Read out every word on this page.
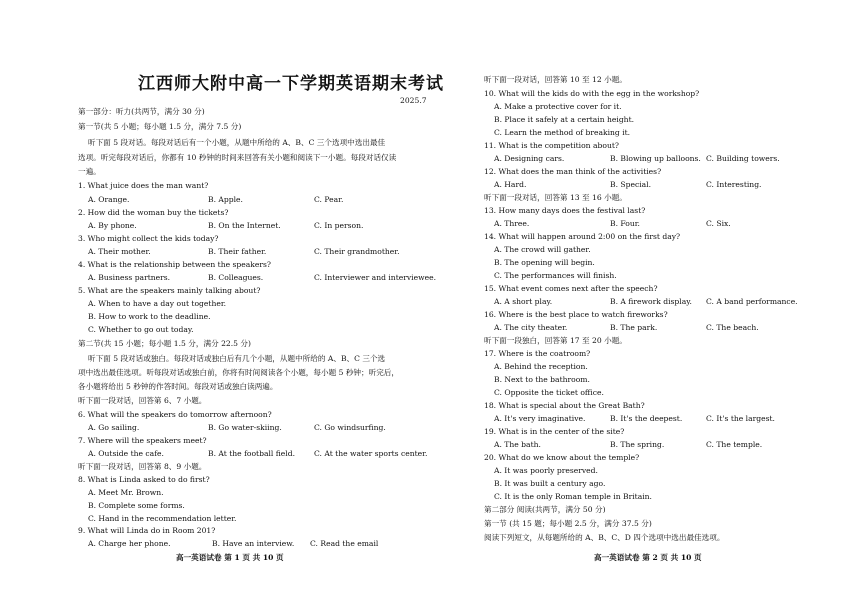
江西师大附中高一下学期英语期末考试
2025.7
第一部分：听力(共两节，满分 30 分)
第一节(共 5 小题；每小题 1.5 分，满分 7.5 分)
听下面 5 段对话。每段对话后有一个小题，从题中所给的 A、B、C 三个选项中选出最佳
选项。听完每段对话后，你都有 10 秒钟的时间来回答有关小题和阅读下一小题。每段对话仅读
一遍。
1. What juice does the man want?
A. Orange.	B. Apple.	C. Pear.
2. How did the woman buy the tickets?
A. By phone.	B. On the Internet.	C. In person.
3. Who might collect the kids today?
A. Their mother.	B. Their father.	C. Their grandmother.
4. What is the relationship between the speakers?
A. Business partners.	B. Colleagues.	C. Interviewer and interviewee.
5. What are the speakers mainly talking about?
A. When to have a day out together.
B. How to work to the deadline.
C. Whether to go out today.
第二节(共 15 小题；每小题 1.5 分，满分 22.5 分)
听下面 5 段对话或独白。每段对话或独白后有几个小题，从题中所给的 A、B、C 三个选
项中选出最佳选项。听每段对话或独白前，你将有时间阅读各个小题，每小题 5 秒钟；听完后，
各小题将给出 5 秒钟的作答时间。每段对话或独白读两遍。
听下面一段对话，回答第 6、7 小题。
6. What will the speakers do tomorrow afternoon?
A. Go sailing.	B. Go water-skiing.	C. Go windsurfing.
7. Where will the speakers meet?
A. Outside the cafe.	B. At the football field. C. At the water sports center.
听下面一段对话，回答第 8、9 小题。
8. What is Linda asked to do first?
A. Meet Mr. Brown.
B. Complete some forms.
C. Hand in the recommendation letter.
9. What will Linda do in Room 201?
A. Charge her phone.	B. Have an interview. C. Read the email
高一英语试卷 第 1 页 共 10 页
听下面一段对话，回答第 10 至 12 小题。
10. What will the kids do with the egg in the workshop?
A. Make a protective cover for it.
B. Place it safely at a certain height.
C. Learn the method of breaking it.
11. What is the competition about?
A. Designing cars.	B. Blowing up balloons. C. Building towers.
12. What does the man think of the activities?
A. Hard.	B. Special.	C. Interesting.
听下面一段对话，回答第 13 至 16 小题。
13. How many days does the festival last?
A. Three.	B. Four.	C. Six.
14. What will happen around 2:00 on the first day?
A. The crowd will gather.
B. The opening will begin.
C. The performances will finish.
15. What event comes next after the speech?
A. A short play.	B. A firework display. C. A band performance.
16. Where is the best place to watch fireworks?
A. The city theater.	B. The park.	C. The beach.
听下面一段独白，回答第 17 至 20 小题。
17. Where is the coatroom?
A. Behind the reception.
B. Next to the bathroom.
C. Opposite the ticket office.
18. What is special about the Great Bath?
A. It's very imaginative.	B. It's the deepest.	C. It's the largest.
19. What is in the center of the site?
A. The bath.	B. The spring.	C. The temple.
20. What do we know about the temple?
A. It was poorly preserved.
B. It was built a century ago.
C. It is the only Roman temple in Britain.
第二部分 阅读(共两节，满分 50 分)
第一节 (共 15 题；每小题 2.5 分，满分 37.5 分)
阅读下列短文，从每题所给的 A、B、C、D 四个选项中选出最佳选项。
高一英语试卷 第 2 页 共 10 页
